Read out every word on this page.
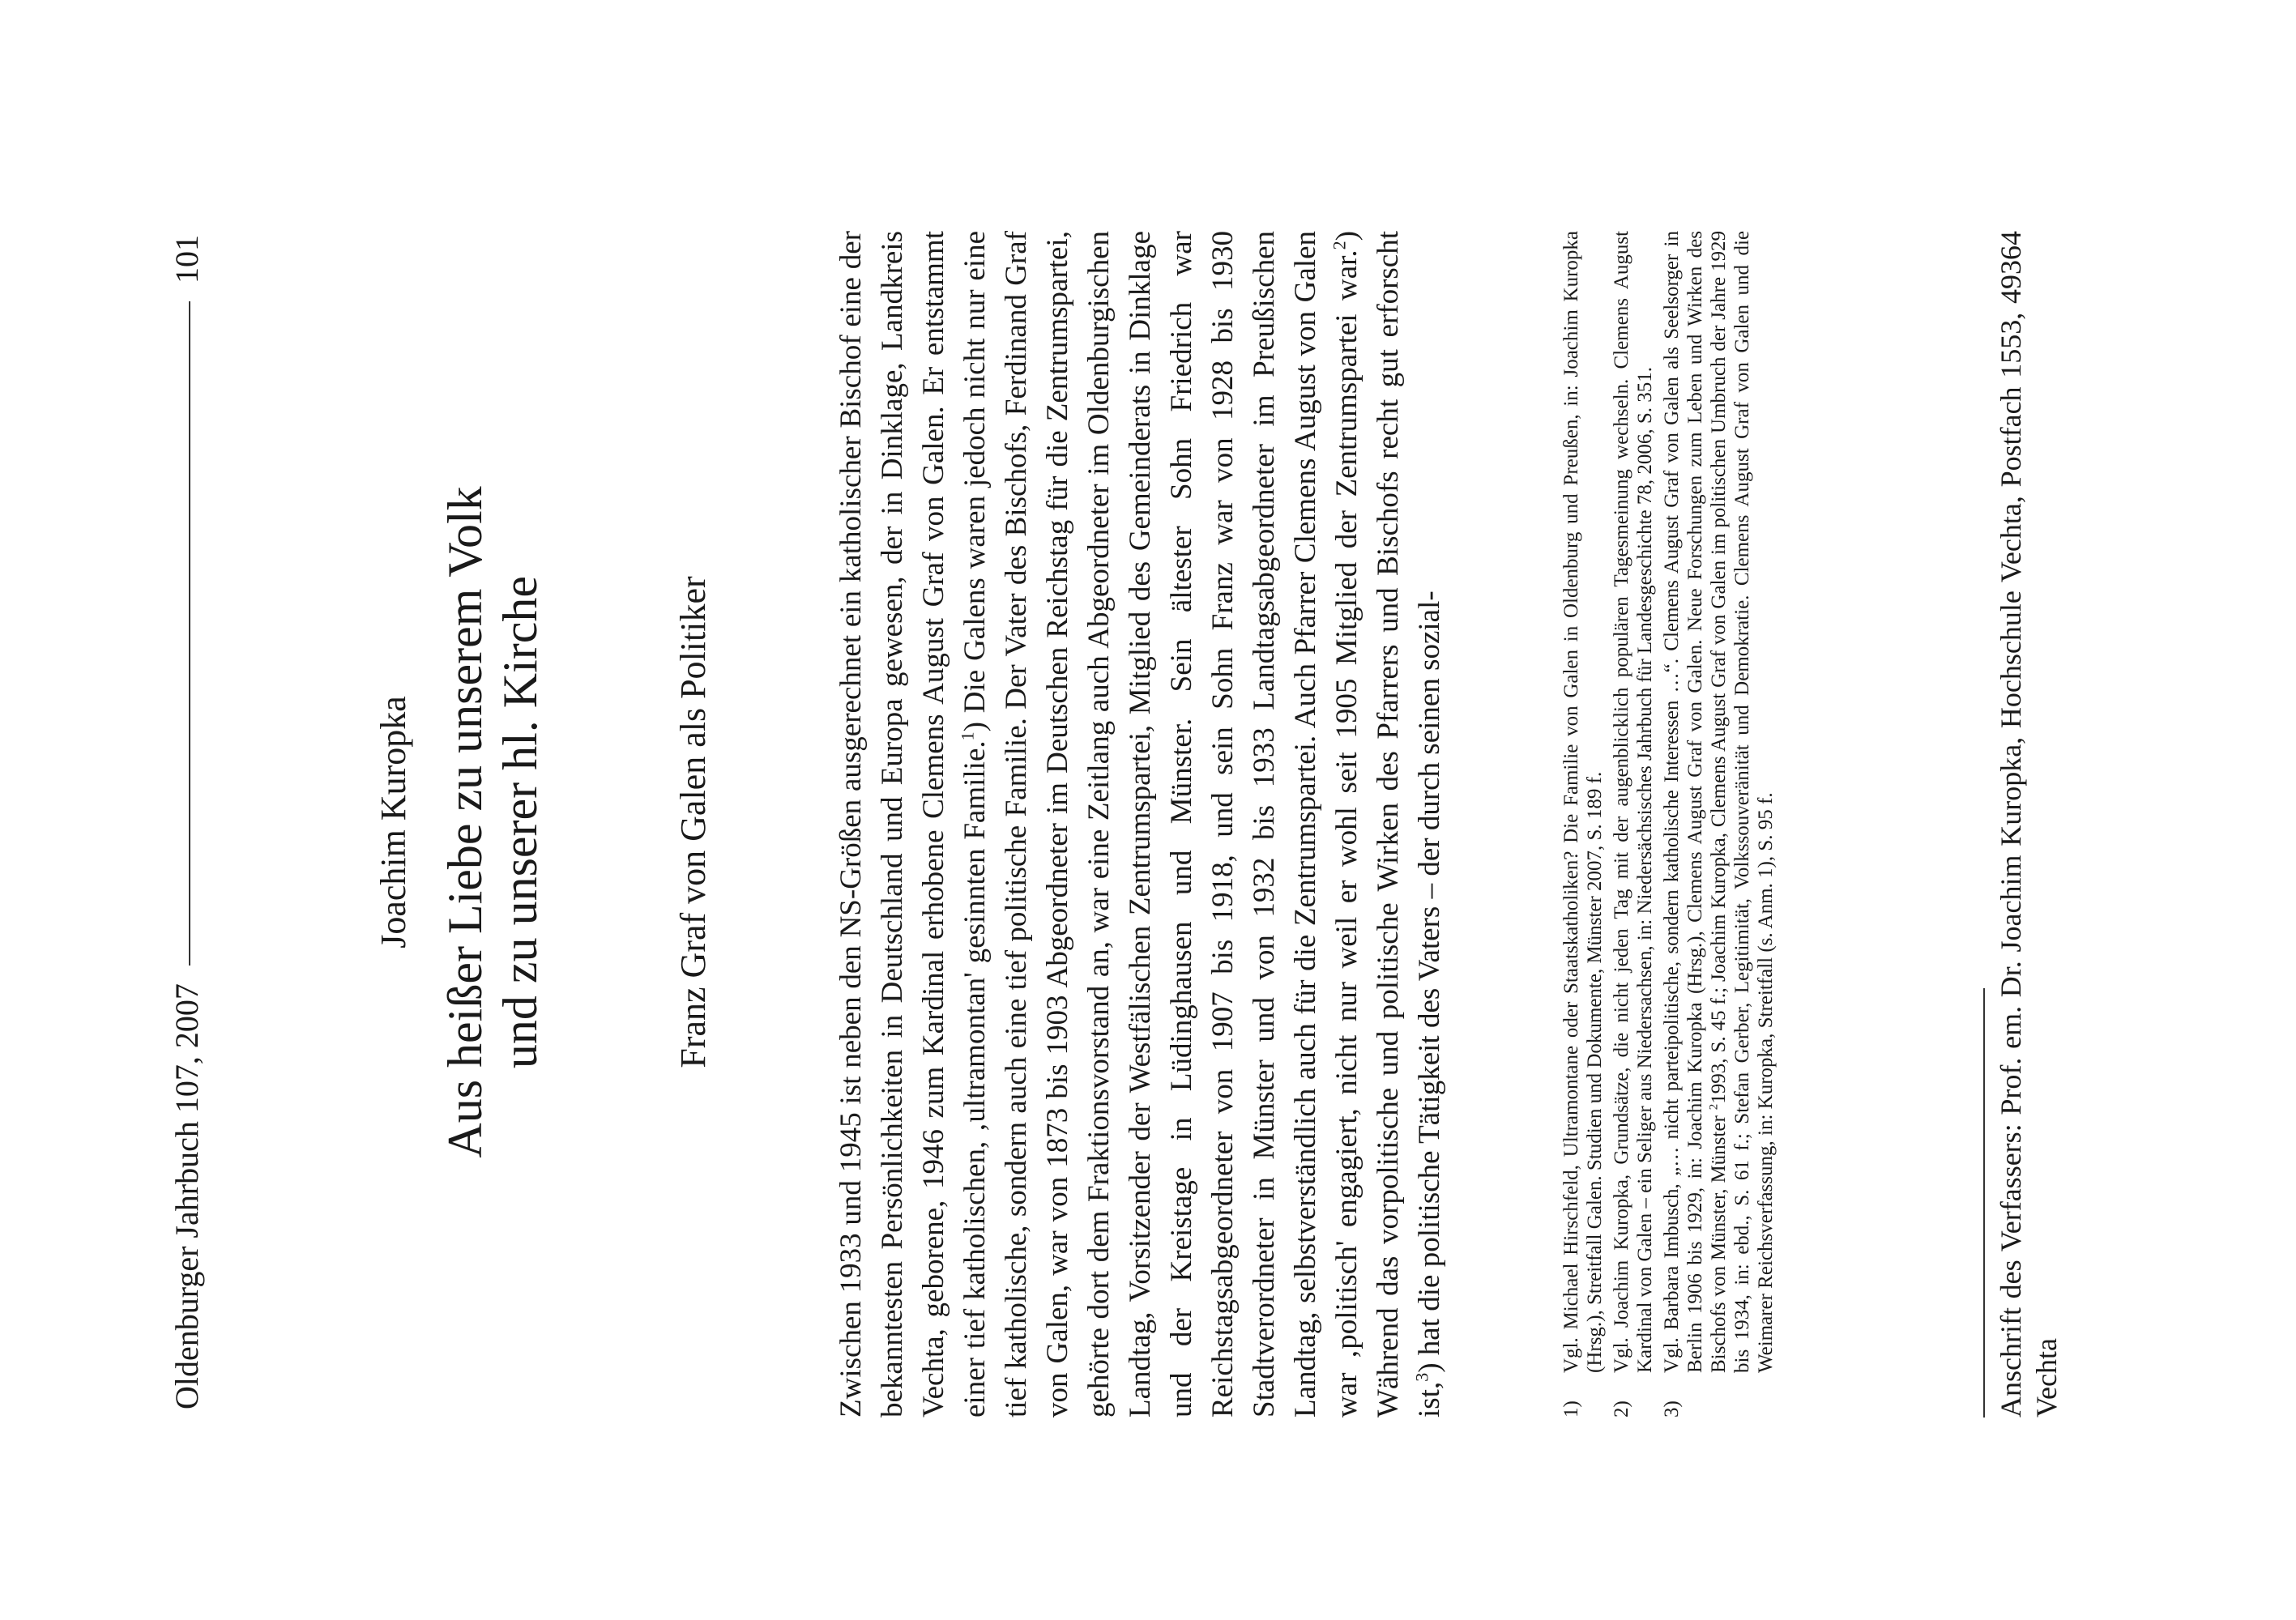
Oldenburger Jahrbuch 107, 2007
101
Joachim Kuropka Aus heißer Liebe zu unserem Volk und zu unserer hl. Kirche	Franz Graf von Galen als Politiker	Zwischen 1933 und 1945 ist neben den NS-Größen ausgerechnet ein katholischer Bischof eine der bekanntesten Persönlichkeiten in Deutschland und Europa gewesen, der in Dinklage, Landkreis Vechta, geborene, 1946 zum Kardinal erhobene Clemens August Graf von Galen. Er entstammt einer tief katholischen, ‚ultramontan' gesinnten Familie.$^1$) Die Galens waren jedoch nicht nur eine tief katholische, sondern auch eine tief politische Familie. Der Vater des Bischofs, Ferdinand Graf von Galen, war von 1873 bis 1903 Abgeordneter im Deutschen Reichstag für die Zentrumspartei, gehörte dort dem Fraktionsvorstand an, war eine Zeitlang auch Abgeordneter im Oldenburgischen Landtag, Vorsitzender der Westfälischen Zentrumspartei, Mitglied des Gemeinderats in Dinklage und der Kreistage in Lüdinghausen und Münster. Sein ältester Sohn Friedrich war Reichstagsabgeordneter von 1907 bis 1918, und sein Sohn Franz war von 1928 bis 1930 Stadtverordneter in Münster und von 1932 bis 1933 Landtagsabgeordneter im Preußischen Landtag, selbstverständlich auch für die Zentrumspartei. Auch Pfarrer Clemens August von Galen war ‚politisch' engagiert, nicht nur weil er wohl seit 1905 Mitglied der Zentrumspartei war.$^2$) Während das vorpolitische und politische Wirken des Pfarrers und Bischofs recht gut erforscht ist,$^3$) hat die politische Tätigkeit des Vaters – der durch seinen sozial-
1)
Vgl. Michael Hirschfeld, Ultramontane oder Staatskatholiken? Die Familie von Galen in Oldenburg und Preußen, in: Joachim Kuropka (Hrsg.), Streitfall Galen. Studien und Dokumente, Münster 2007, S. 189 f.
2)
Vgl. Joachim Kuropka, Grundsätze, die nicht jeden Tag mit der augenblicklich populären Tagesmeinung wechseln. Clemens August Kardinal von Galen – ein Seliger aus Niedersachsen, in: Niedersächsisches Jahrbuch für Landesgeschichte 78, 2006, S. 351.
3)
Vgl. Barbara Imbusch, „… nicht parteipolitische, sondern katholische Interessen …“. Clemens August Graf von Galen als Seelsorger in Berlin 1906 bis 1929, in: Joachim Kuropka (Hrsg.), Clemens August Graf von Galen. Neue Forschungen zum Leben und Wirken des Bischofs von Münster, Münster $^2$1993, S. 45 f.; Joachim Kuropka, Clemens August Graf von Galen im politischen Umbruch der Jahre 1929 bis 1934, in: ebd., S. 61 f.; Stefan Gerber, Legitimität, Volkssouveränität und Demokratie. Clemens August Graf von Galen und die Weimarer Reichsverfassung, in: Kuropka, Streitfall (s. Anm. 1), S. 95 f.	Anschrift des Verfassers: Prof. em. Dr. Joachim Kuropka, Hochschule Vechta, Postfach 1553, 49364 Vechta
